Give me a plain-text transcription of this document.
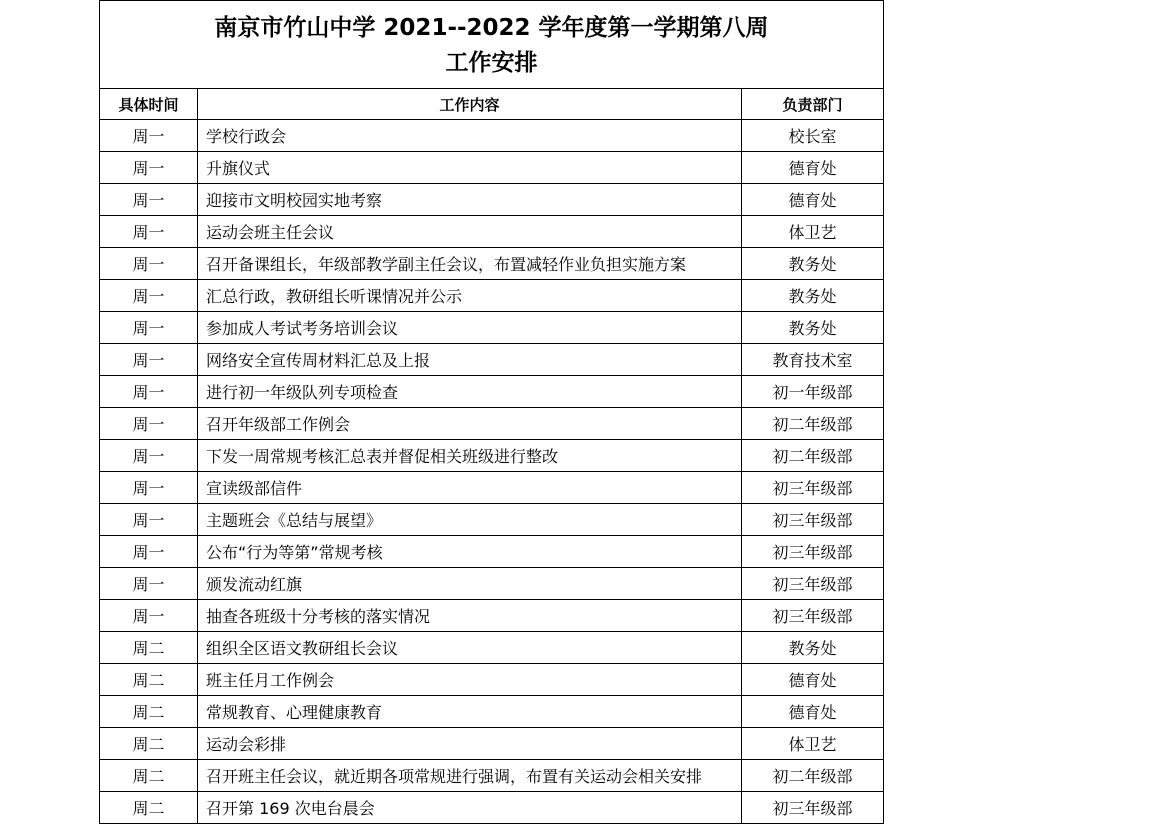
南京市竹山中学 2021--2022 学年度第一学期第八周
工作安排		

具体时间	工作内容	负责部门
周一	学校行政会	校长室
周一	升旗仪式	德育处
周一	迎接市文明校园实地考察	德育处
周一	运动会班主任会议	体卫艺
周一	召开备课组长，年级部教学副主任会议，布置减轻作业负担实施方案	教务处
周一	汇总行政，教研组长听课情况并公示	教务处
周一	参加成人考试考务培训会议	教务处
周一	网络安全宣传周材料汇总及上报	教育技术室
周一	进行初一年级队列专项检查	初一年级部
周一	召开年级部工作例会	初二年级部
周一	下发一周常规考核汇总表并督促相关班级进行整改	初二年级部
周一	宣读级部信件	初三年级部
周一	主题班会《总结与展望》	初三年级部
周一	公布“行为等第”常规考核	初三年级部
周一	颁发流动红旗	初三年级部
周一	抽查各班级十分考核的落实情况	初三年级部
周二	组织全区语文教研组长会议	教务处
周二	班主任月工作例会	德育处
周二	常规教育、心理健康教育	德育处
周二	运动会彩排	体卫艺
周二	召开班主任会议，就近期各项常规进行强调，布置有关运动会相关安排	初二年级部
周二	召开第 169 次电台晨会	初三年级部
